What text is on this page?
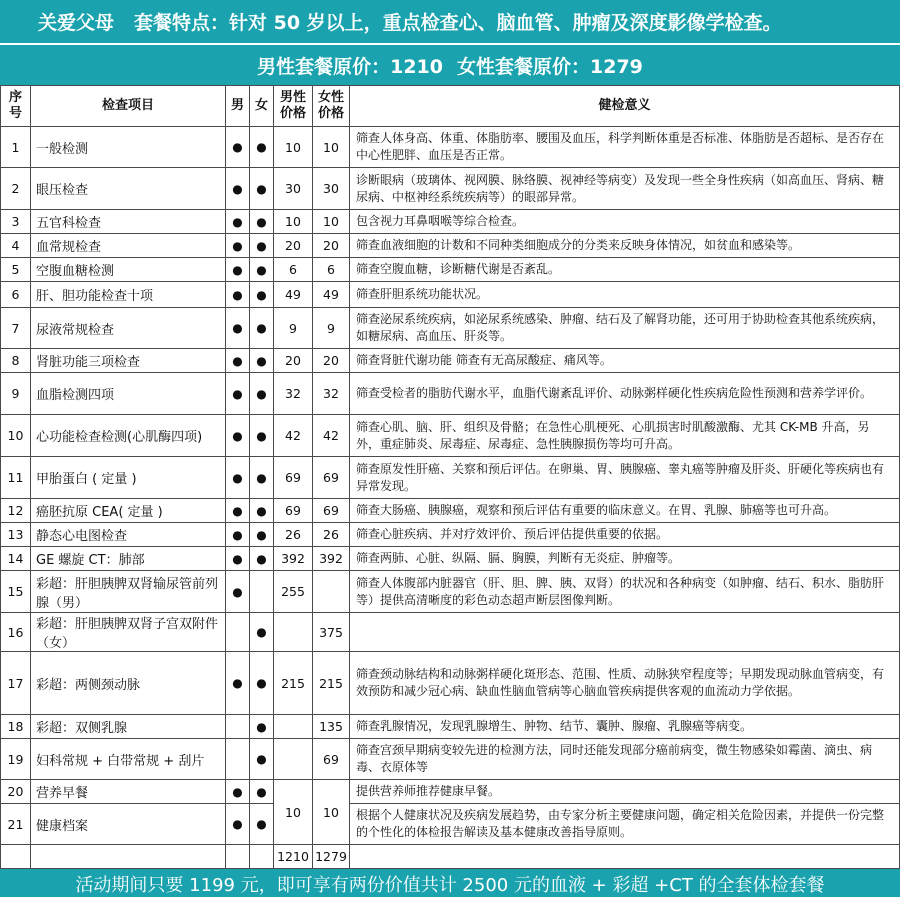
关爱父母	套餐特点：针对 50 岁以上，重点检查心、脑血管、肿瘤及深度影像学检查。
男性套餐原价：1210 女性套餐原价：1279
序号	检查项目	男	女	男性价格	女性价格	健检意义
1	一般检测	●	●	10	10	筛查人体身高、体重、体脂肪率、腰围及血压，科学判断体重是否标准、体脂肪是否超标、是否存在中心性肥胖、血压是否正常。
2	眼压检查	●	●	30	30	诊断眼病（玻璃体、视网膜、脉络膜、视神经等病变）及发现一些全身性疾病（如高血压、肾病、糖尿病、中枢神经系统疾病等）的眼部异常。
3	五官科检查	●	●	10	10	包含视力耳鼻咽喉等综合检查。
4	血常规检查	●	●	20	20	筛查血液细胞的计数和不同种类细胞成分的分类来反映身体情况，如贫血和感染等。
5	空腹血糖检测	●	●	6	6	筛查空腹血糖，诊断糖代谢是否紊乱。
6	肝、胆功能检查十项	●	●	49	49	筛查肝胆系统功能状况。
7	尿液常规检查	●	●	9	9	筛查泌尿系统疾病，如泌尿系统感染、肿瘤、结石及了解肾功能，还可用于协助检查其他系统疾病，如糖尿病、高血压、肝炎等。
8	肾脏功能三项检查	●	●	20	20	筛查肾脏代谢功能 筛查有无高尿酸症、痛风等。
9	血脂检测四项	●	●	32	32	筛查受检者的脂肪代谢水平，血脂代谢紊乱评价、动脉粥样硬化性疾病危险性预测和营养学评价。
10	心功能检查检测(心肌酶四项)	●	●	42	42	筛查心肌、脑、肝、组织及骨骼；在急性心肌梗死、心肌损害时肌酸激酶、尤其 CK-MB 升高，另外，重症肺炎、尿毒症、尿毒症、急性胰腺损伤等均可升高。
11	甲胎蛋白 ( 定量 )	●	●	69	69	筛查原发性肝癌、关察和预后评估。在卵巢、胃、胰腺癌、睾丸癌等肿瘤及肝炎、肝硬化等疾病也有异常发现。
12	癌胚抗原 CEA( 定量 )	●	●	69	69	筛查大肠癌、胰腺癌，观察和预后评估有重要的临床意义。在胃、乳腺、肺癌等也可升高。
13	静态心电图检查	●	●	26	26	筛查心脏疾病、并对疗效评价、预后评估提供重要的依据。
14	GE 螺旋 CT：肺部	●	●	392	392	筛查两肺、心脏、纵隔、膈、胸膜，判断有无炎症、肿瘤等。
15	彩超：肝胆胰脾双肾输尿管前列腺（男）	●		255		筛查人体腹部内脏器官（肝、胆、脾、胰、双肾）的状况和各种病变（如肿瘤、结石、积水、脂肪肝等）提供高清晰度的彩色动态超声断层图像判断。
16	彩超：肝胆胰脾双肾子宫双附件（女）		●		375	
17	彩超：两侧颈动脉	●	●	215	215	筛查颈动脉结构和动脉粥样硬化斑形态、范围、性质、动脉狭窄程度等；早期发现动脉血管病变，有效预防和减少冠心病、缺血性脑血管病等心脑血管疾病提供客观的血流动力学依据。
18	彩超：双侧乳腺		●		135	筛查乳腺情况，发现乳腺增生、肿物、结节、囊肿、腺瘤、乳腺癌等病变。
19	妇科常规 + 白带常规 + 刮片		●		69	筛查宫颈早期病变较先进的检测方法，同时还能发现部分癌前病变，微生物感染如霉菌、滴虫、病毒、衣原体等
20	营养早餐	●	●	10	10	提供营养师推荐健康早餐。
21	健康档案	●	●			根据个人健康状况及疾病发展趋势，由专家分析主要健康问题，确定相关危险因素，并提供一份完整的个性化的体检报告解读及基本健康改善指导原则。
				1210	1279	
活动期间只要 1199 元，即可享有两份价值共计 2500 元的血液 + 彩超 +CT 的全套体检套餐
